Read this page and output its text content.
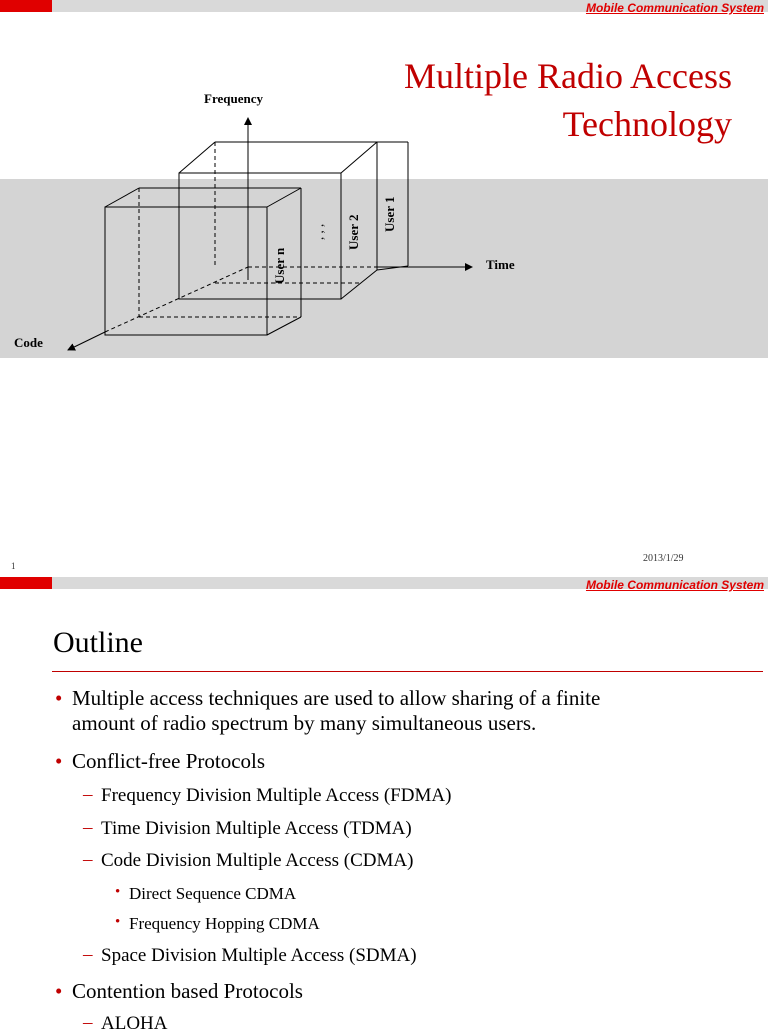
Mobile Communication System
Multiple Radio Access
Technology
Frequency
Time
Code
User 1
User 2
User n
, , ,
1
2013/1/29
Mobile Communication System
Outline
• Multiple access techniques are used to allow sharing of a finite
amount of radio spectrum by many simultaneous users.
• Conflict-free Protocols
– Frequency Division Multiple Access (FDMA)
– Time Division Multiple Access (TDMA)
– Code Division Multiple Access (CDMA)
• Direct Sequence CDMA
• Frequency Hopping CDMA
– Space Division Multiple Access (SDMA)
• Contention based Protocols
– ALOHA
